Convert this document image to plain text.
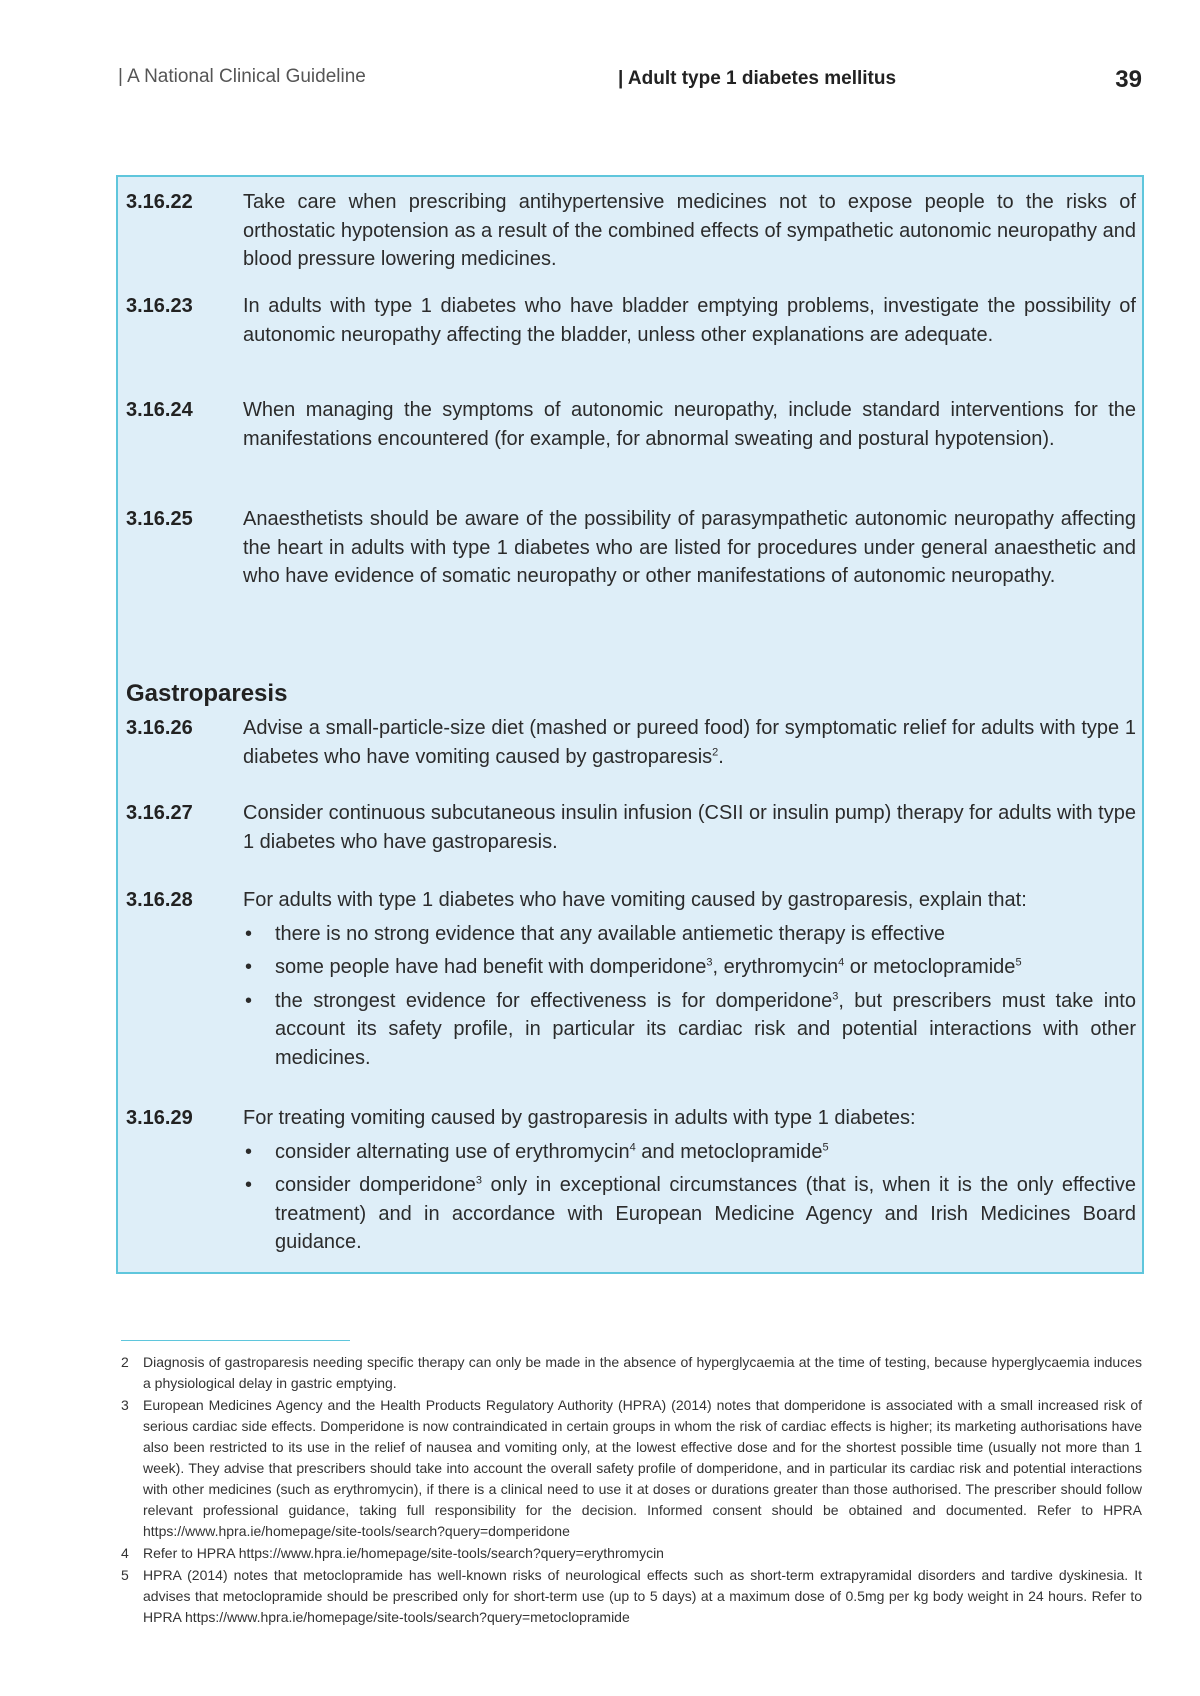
| A National Clinical Guideline	| Adult type 1 diabetes mellitus	39
3.16.22	Take care when prescribing antihypertensive medicines not to expose people to the risks of orthostatic hypotension as a result of the combined effects of sympathetic autonomic neuropathy and blood pressure lowering medicines.
3.16.23	In adults with type 1 diabetes who have bladder emptying problems, investigate the possibility of autonomic neuropathy affecting the bladder, unless other explanations are adequate.
3.16.24	When managing the symptoms of autonomic neuropathy, include standard interventions for the manifestations encountered (for example, for abnormal sweating and postural hypotension).
3.16.25	Anaesthetists should be aware of the possibility of parasympathetic autonomic neuropathy affecting the heart in adults with type 1 diabetes who are listed for procedures under general anaesthetic and who have evidence of somatic neuropathy or other manifestations of autonomic neuropathy.
Gastroparesis
3.16.26	Advise a small-particle-size diet (mashed or pureed food) for symptomatic relief for adults with type 1 diabetes who have vomiting caused by gastroparesis$^2$.
3.16.27	Consider continuous subcutaneous insulin infusion (CSII or insulin pump) therapy for adults with type 1 diabetes who have gastroparesis.
3.16.28	For adults with type 1 diabetes who have vomiting caused by gastroparesis, explain that:
• there is no strong evidence that any available antiemetic therapy is effective
• some people have had benefit with domperidone$^3$, erythromycin$^4$ or metoclopramide$^5$
• the strongest evidence for effectiveness is for domperidone$^3$, but prescribers must take into account its safety profile, in particular its cardiac risk and potential interactions with other medicines.
3.16.29	For treating vomiting caused by gastroparesis in adults with type 1 diabetes:
• consider alternating use of erythromycin$^4$ and metoclopramide$^5$
• consider domperidone$^3$ only in exceptional circumstances (that is, when it is the only effective treatment) and in accordance with European Medicine Agency and Irish Medicines Board guidance.
2 Diagnosis of gastroparesis needing specific therapy can only be made in the absence of hyperglycaemia at the time of testing, because hyperglycaemia induces a physiological delay in gastric emptying.
3 European Medicines Agency and the Health Products Regulatory Authority (HPRA) (2014) notes that domperidone is associated with a small increased risk of serious cardiac side effects. Domperidone is now contraindicated in certain groups in whom the risk of cardiac effects is higher; its marketing authorisations have also been restricted to its use in the relief of nausea and vomiting only, at the lowest effective dose and for the shortest possible time (usually not more than 1 week). They advise that prescribers should take into account the overall safety profile of domperidone, and in particular its cardiac risk and potential interactions with other medicines (such as erythromycin), if there is a clinical need to use it at doses or durations greater than those authorised. The prescriber should follow relevant professional guidance, taking full responsibility for the decision. Informed consent should be obtained and documented. Refer to HPRA https://www.hpra.ie/homepage/site-tools/search?query=domperidone
4 Refer to HPRA https://www.hpra.ie/homepage/site-tools/search?query=erythromycin
5 HPRA (2014) notes that metoclopramide has well-known risks of neurological effects such as short-term extrapyramidal disorders and tardive dyskinesia. It advises that metoclopramide should be prescribed only for short-term use (up to 5 days) at a maximum dose of 0.5mg per kg body weight in 24 hours. Refer to HPRA https://www.hpra.ie/homepage/site-tools/search?query=metoclopramide
